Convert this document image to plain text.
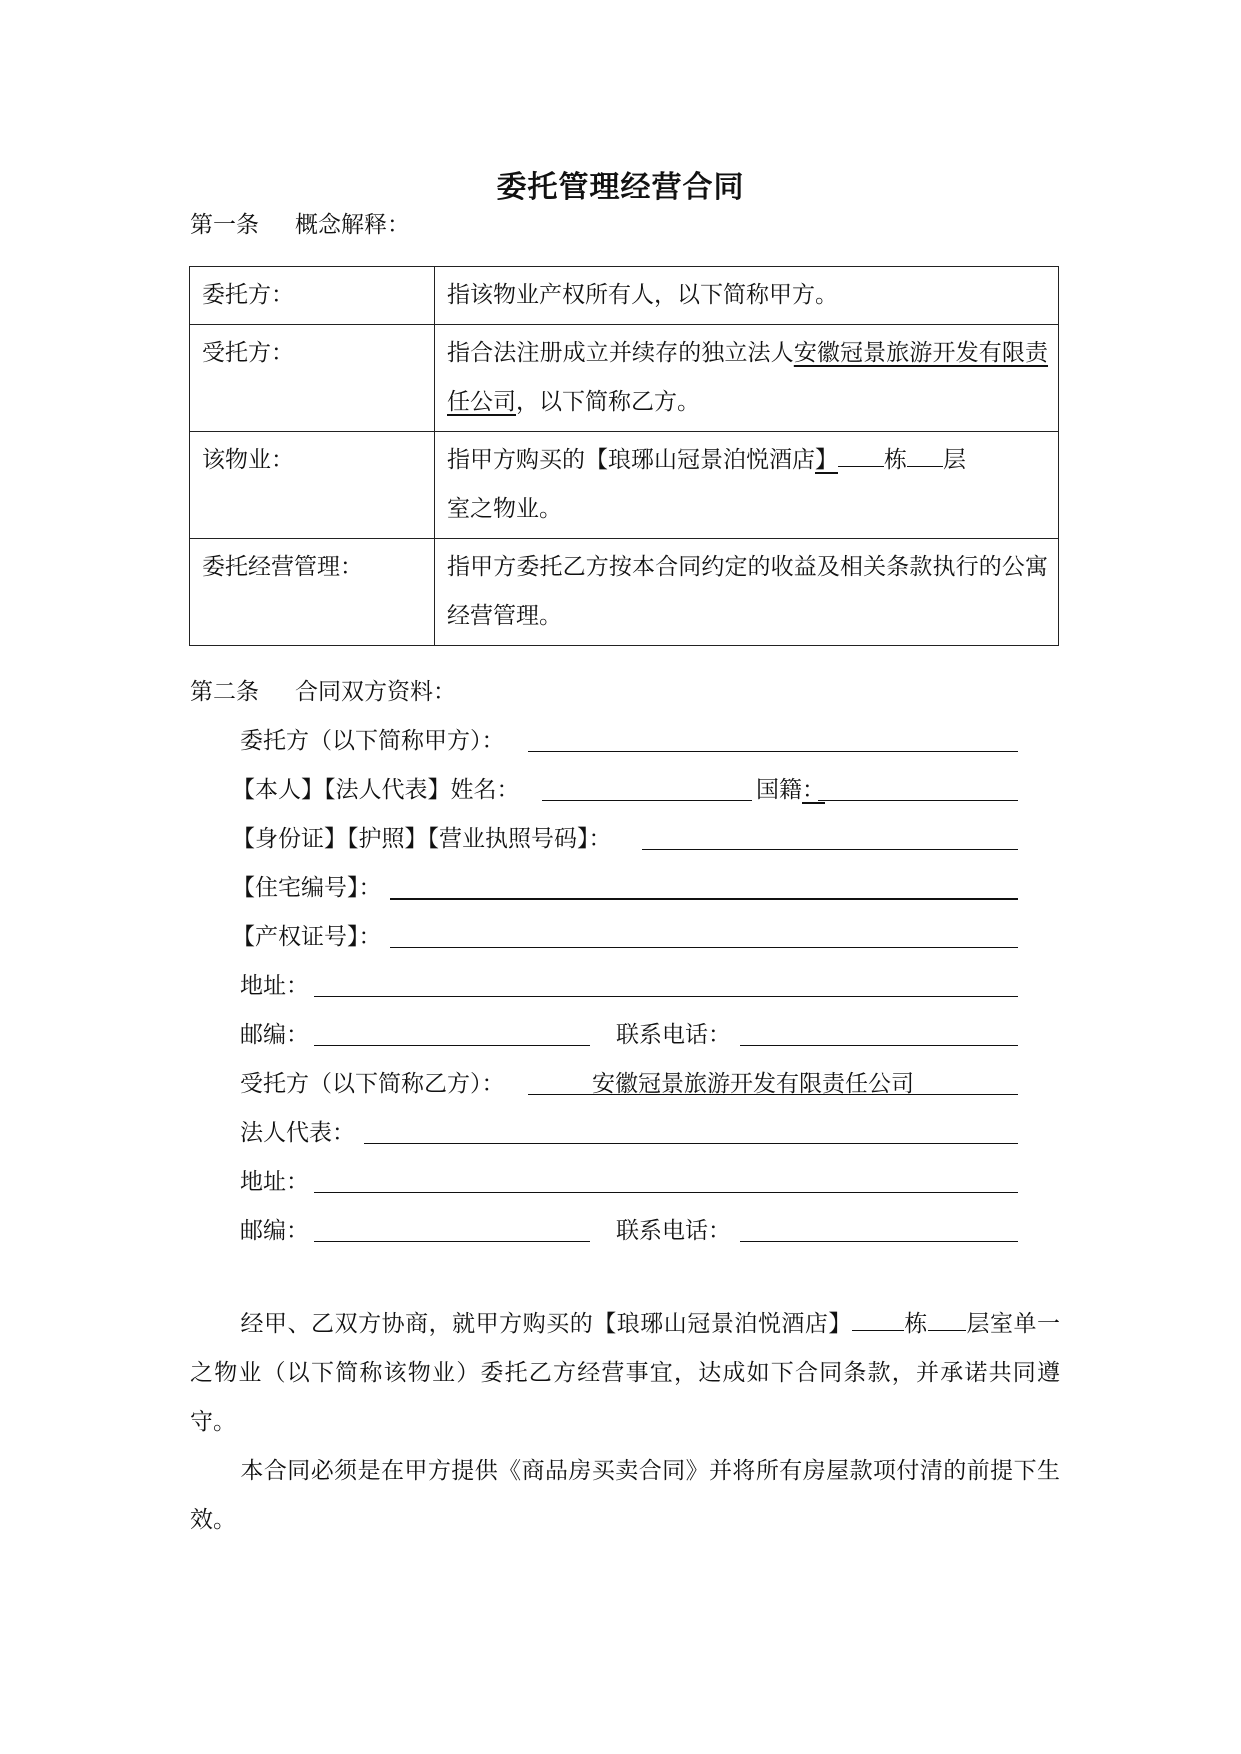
委托管理经营合同
第一条 概念解释：
委托方：	指该物业产权所有人，以下简称甲方。
受托方：	指合法注册成立并续存的独立法人安徽冠景旅游开发有限责任公司，以下简称乙方。
该物业：	指甲方购买的【琅琊山冠景泊悦酒店】 栋 层
室之物业。
委托经营管理：	指甲方委托乙方按本合同约定的收益及相关条款执行的公寓经营管理。
第二条 合同双方资料：
委托方（以下简称甲方）：
【本人】【法人代表】姓名：	国籍 ：
【身份证】【护照】【营业执照号码】：
【住宅编号】：
【产权证号】：
地址：
邮编：	联系电话：
受托方（以下简称乙方）：	安徽冠景旅游开发有限责任公司
法人代表：
地址：
邮编：	联系电话：
经甲、乙双方协商，就甲方购买的【琅琊山冠景泊悦酒店】 栋 层室单一之物业（以下简称该物业）委托乙方经营事宜，达成如下合同条款，并承诺共同遵守。
本合同必须是在甲方提供《商品房买卖合同》并将所有房屋款项付清的前提下生效。
